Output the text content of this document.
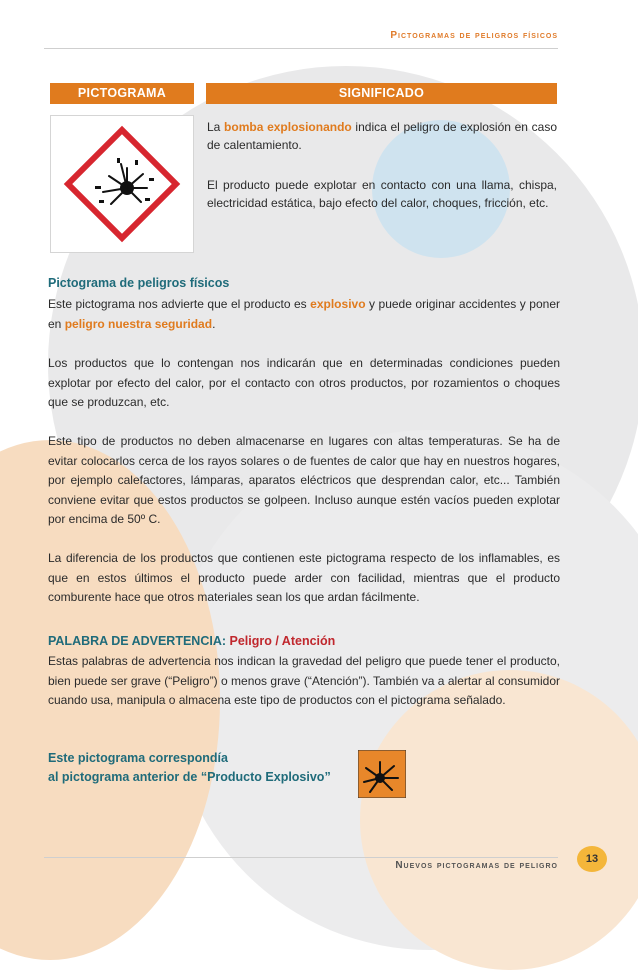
Pictogramas de peligros físicos
PICTOGRAMA	SIGNIFICADO
La bomba explosionando indica el peligro de explosión en caso de calentamiento.
El producto puede explotar en contacto con una llama, chispa, electricidad estática, bajo efecto del calor, choques, fricción, etc.
Pictograma de peligros físicos
Este pictograma nos advierte que el producto es explosivo y puede originar accidentes y poner en peligro nuestra seguridad.
Los productos que lo contengan nos indicarán que en determinadas condiciones pueden explotar por efecto del calor, por el contacto con otros productos, por rozamientos o choques que se produzcan, etc.
Este tipo de productos no deben almacenarse en lugares con altas temperaturas. Se ha de evitar colocarlos cerca de los rayos solares o de fuentes de calor que hay en nuestros hogares, por ejemplo calefactores, lámparas, aparatos eléctricos que desprendan calor, etc... También conviene evitar que estos productos se golpeen. Incluso aunque estén vacíos pueden explotar por encima de 50º C.
La diferencia de los productos que contienen este pictograma respecto de los inflamables, es que en estos últimos el producto puede arder con facilidad, mientras que el producto comburente hace que otros materiales sean los que ardan fácilmente.
PALABRA DE ADVERTENCIA: Peligro / Atención
Estas palabras de advertencia nos indican la gravedad del peligro que puede tener el producto, bien puede ser grave (“Peligro”) o menos grave (“Atención”). También va a alertar al consumidor cuando usa, manipula o almacena este tipo de productos con el pictograma señalado.
Este pictograma correspondía
al pictograma anterior de “Producto Explosivo”
Nuevos pictogramas de peligro
13
